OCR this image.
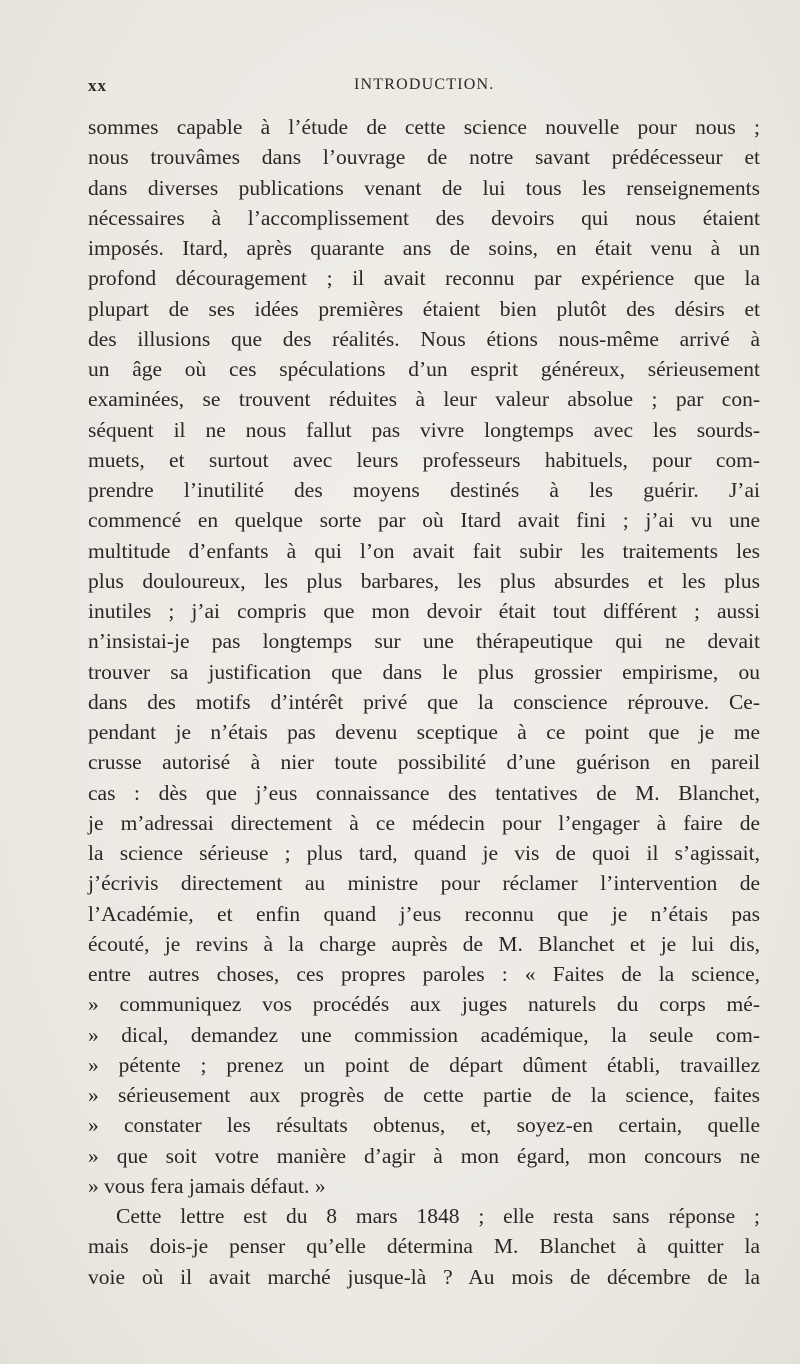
xx	INTRODUCTION.
sommes capable à l’étude de cette science nouvelle pour nous ;
nous trouvâmes dans l’ouvrage de notre savant prédécesseur et
dans diverses publications venant de lui tous les renseignements
nécessaires à l’accomplissement des devoirs qui nous étaient
imposés. Itard, après quarante ans de soins, en était venu à un
profond découragement ; il avait reconnu par expérience que la
plupart de ses idées premières étaient bien plutôt des désirs et
des illusions que des réalités. Nous étions nous-même arrivé à
un âge où ces spéculations d’un esprit généreux, sérieusement
examinées, se trouvent réduites à leur valeur absolue ; par con-
séquent il ne nous fallut pas vivre longtemps avec les sourds-
muets, et surtout avec leurs professeurs habituels, pour com-
prendre l’inutilité des moyens destinés à les guérir. J’ai
commencé en quelque sorte par où Itard avait fini ; j’ai vu une
multitude d’enfants à qui l’on avait fait subir les traitements les
plus douloureux, les plus barbares, les plus absurdes et les plus
inutiles ; j’ai compris que mon devoir était tout différent ; aussi
n’insistai-je pas longtemps sur une thérapeutique qui ne devait
trouver sa justification que dans le plus grossier empirisme, ou
dans des motifs d’intérêt privé que la conscience réprouve. Ce-
pendant je n’étais pas devenu sceptique à ce point que je me
crusse autorisé à nier toute possibilité d’une guérison en pareil
cas : dès que j’eus connaissance des tentatives de M. Blanchet,
je m’adressai directement à ce médecin pour l’engager à faire de
la science sérieuse ; plus tard, quand je vis de quoi il s’agissait,
j’écrivis directement au ministre pour réclamer l’intervention de
l’Académie, et enfin quand j’eus reconnu que je n’étais pas
écouté, je revins à la charge auprès de M. Blanchet et je lui dis,
entre autres choses, ces propres paroles : « Faites de la science,
» communiquez vos procédés aux juges naturels du corps mé-
» dical, demandez une commission académique, la seule com-
» pétente ; prenez un point de départ dûment établi, travaillez
» sérieusement aux progrès de cette partie de la science, faites
» constater les résultats obtenus, et, soyez-en certain, quelle
» que soit votre manière d’agir à mon égard, mon concours ne
» vous fera jamais défaut. »
Cette lettre est du 8 mars 1848 ; elle resta sans réponse ;
mais dois-je penser qu’elle détermina M. Blanchet à quitter la
voie où il avait marché jusque-là ? Au mois de décembre de la
